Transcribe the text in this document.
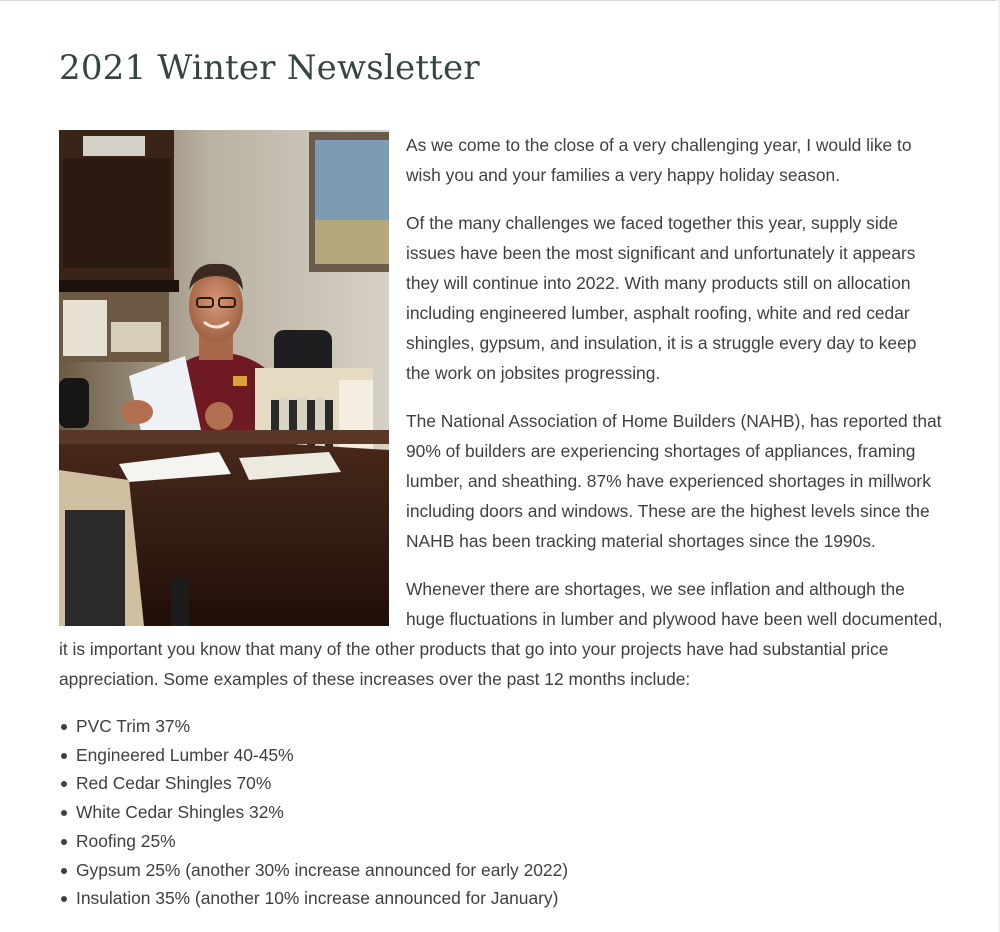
2021 Winter Newsletter

As we come to the close of a very challenging year, I would like to wish you and your families a very happy holiday season.

Of the many challenges we faced together this year, supply side issues have been the most significant and unfortunately it appears they will continue into 2022. With many products still on allocation including engineered lumber, asphalt roofing, white and red cedar shingles, gypsum, and insulation, it is a struggle every day to keep the work on jobsites progressing.

The National Association of Home Builders (NAHB), has reported that 90% of builders are experiencing shortages of appliances, framing lumber, and sheathing. 87% have experienced shortages in millwork including doors and windows. These are the highest levels since the NAHB has been tracking material shortages since the 1990s.

Whenever there are shortages, we see inflation and although the huge fluctuations in lumber and plywood have been well documented, it is important you know that many of the other products that go into your projects have had substantial price appreciation. Some examples of these increases over the past 12 months include:

PVC Trim 37%
Engineered Lumber 40-45%
Red Cedar Shingles 70%
White Cedar Shingles 32%
Roofing 25%
Gypsum 25% (another 30% increase announced for early 2022)
Insulation 35% (another 10% increase announced for January)
